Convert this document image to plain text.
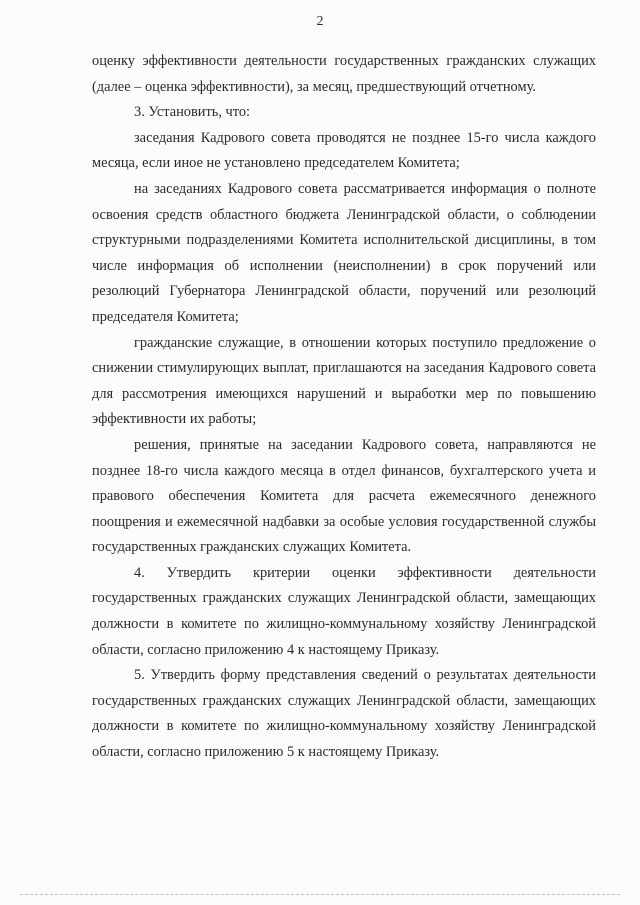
2

оценку эффективности деятельности государственных гражданских служащих (далее – оценка эффективности), за месяц, предшествующий отчетному.

3. Установить, что:

заседания Кадрового совета проводятся не позднее 15-го числа каждого месяца, если иное не установлено председателем Комитета;

на заседаниях Кадрового совета рассматривается информация о полноте освоения средств областного бюджета Ленинградской области, о соблюдении структурными подразделениями Комитета исполнительской дисциплины, в том числе информация об исполнении (неисполнении) в срок поручений или резолюций Губернатора Ленинградской области, поручений или резолюций председателя Комитета;

гражданские служащие, в отношении которых поступило предложение о снижении стимулирующих выплат, приглашаются на заседания Кадрового совета для рассмотрения имеющихся нарушений и выработки мер по повышению эффективности их работы;

решения, принятые на заседании Кадрового совета, направляются не позднее 18-го числа каждого месяца в отдел финансов, бухгалтерского учета и правового обеспечения Комитета для расчета ежемесячного денежного поощрения и ежемесячной надбавки за особые условия государственной службы государственных гражданских служащих Комитета.

4. Утвердить критерии оценки эффективности деятельности государственных гражданских служащих Ленинградской области, замещающих должности в комитете по жилищно-коммунальному хозяйству Ленинградской области, согласно приложению 4 к настоящему Приказу.

5. Утвердить форму представления сведений о результатах деятельности государственных гражданских служащих Ленинградской области, замещающих должности в комитете по жилищно-коммунальному хозяйству Ленинградской области, согласно приложению 5 к настоящему Приказу.
